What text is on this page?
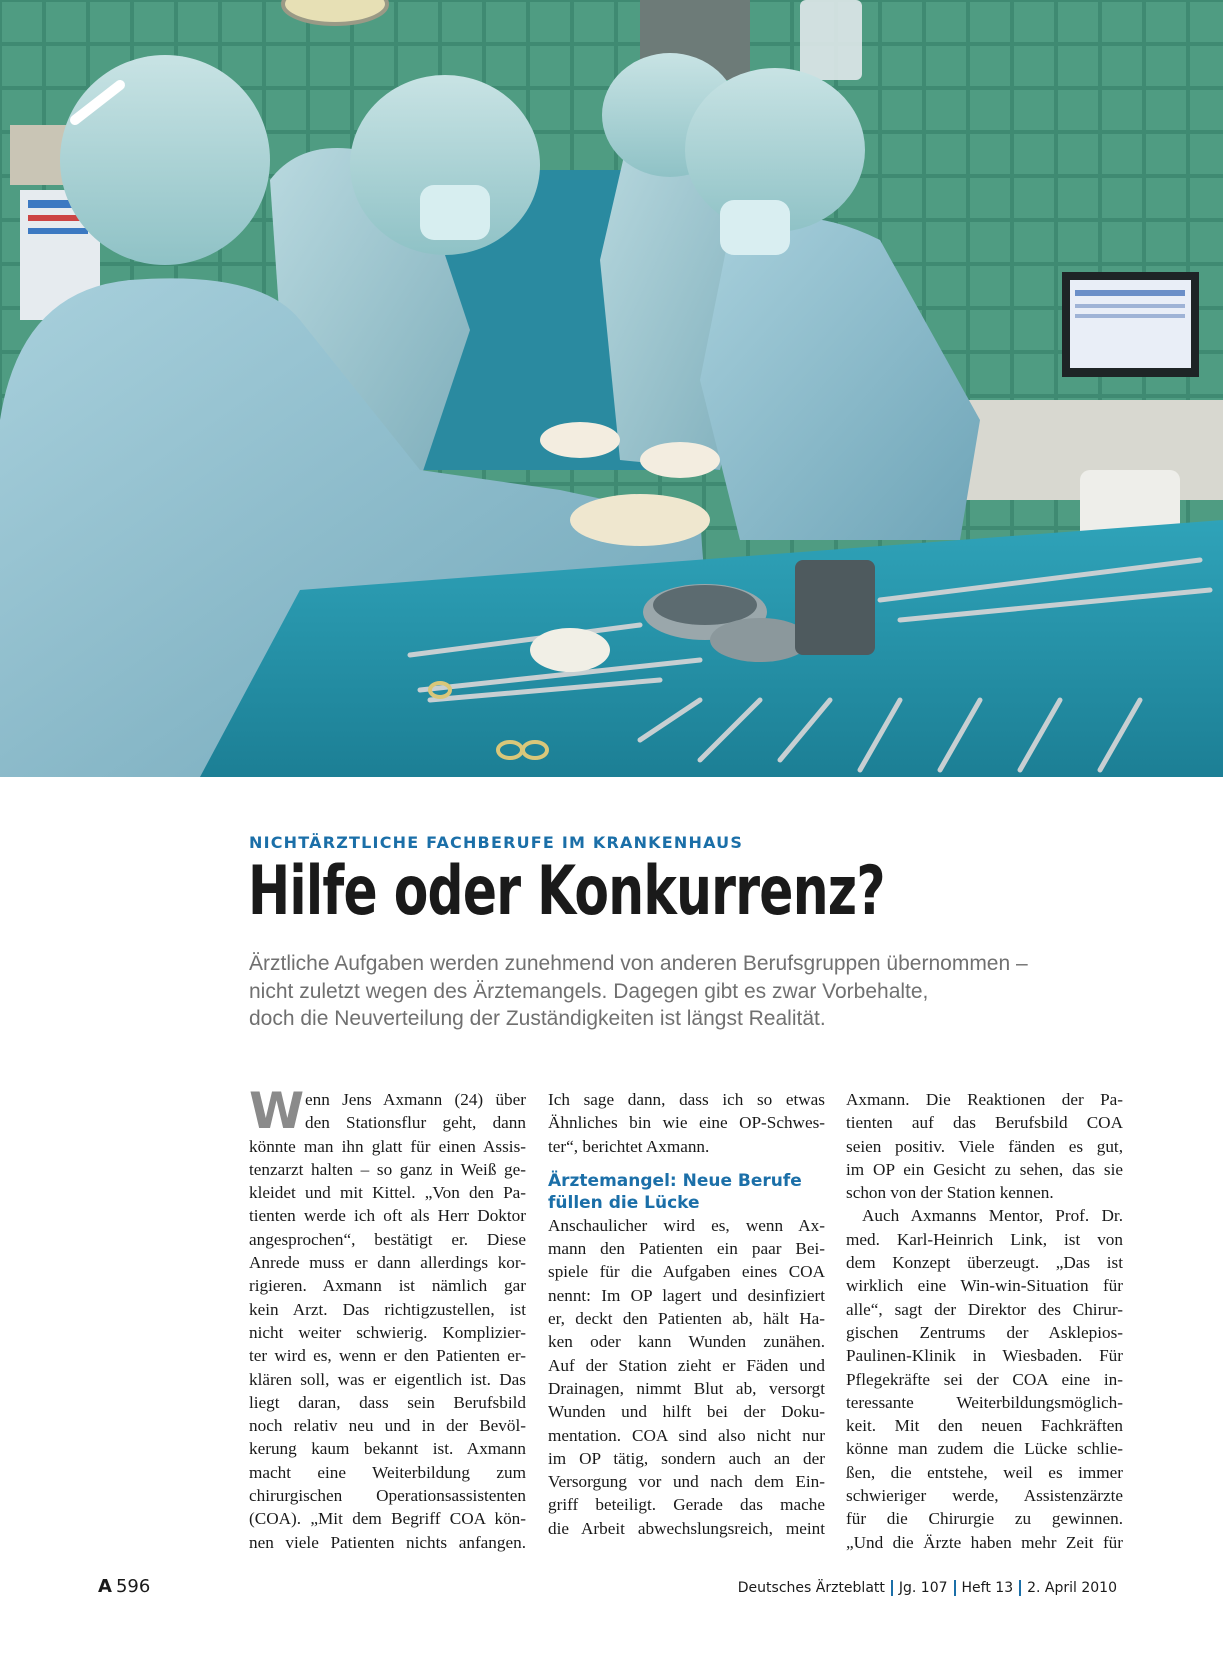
NICHTÄRZTLICHE FACHBERUFE IM KRANKENHAUS
Hilfe oder Konkurrenz?
Ärztliche Aufgaben werden zunehmend von anderen Berufsgruppen übernommen –
nicht zuletzt wegen des Ärztemangels. Dagegen gibt es zwar Vorbehalte,
doch die Neuverteilung der Zuständigkeiten ist längst Realität.
W enn Jens Axmann (24) über
den Stationsflur geht, dann
könnte man ihn glatt für einen Assis-
tenzarzt halten – so ganz in Weiß ge-
kleidet und mit Kittel. „Von den Pa-
tienten werde ich oft als Herr Doktor
angesprochen“, bestätigt er. Diese
Anrede muss er dann allerdings kor-
rigieren. Axmann ist nämlich gar
kein Arzt. Das richtigzustellen, ist
nicht weiter schwierig. Komplizier-
ter wird es, wenn er den Patienten er-
klären soll, was er eigentlich ist. Das
liegt daran, dass sein Berufsbild
noch relativ neu und in der Bevöl-
kerung kaum bekannt ist. Axmann
macht eine Weiterbildung zum
chirurgischen Operationsassistenten
(COA). „Mit dem Begriff COA kön-
nen viele Patienten nichts anfangen.
Ich sage dann, dass ich so etwas
Ähnliches bin wie eine OP-Schwes-
ter“, berichtet Axmann.
Ärztemangel: Neue Berufe
füllen die Lücke
Anschaulicher wird es, wenn Ax-
mann den Patienten ein paar Bei-
spiele für die Aufgaben eines COA
nennt: Im OP lagert und desinfiziert
er, deckt den Patienten ab, hält Ha-
ken oder kann Wunden zunähen.
Auf der Station zieht er Fäden und
Drainagen, nimmt Blut ab, versorgt
Wunden und hilft bei der Doku-
mentation. COA sind also nicht nur
im OP tätig, sondern auch an der
Versorgung vor und nach dem Ein-
griff beteiligt. Gerade das mache
die Arbeit abwechslungsreich, meint
Axmann. Die Reaktionen der Pa-
tienten auf das Berufsbild COA
seien positiv. Viele fänden es gut,
im OP ein Gesicht zu sehen, das sie
schon von der Station kennen.
Auch Axmanns Mentor, Prof. Dr.
med. Karl-Heinrich Link, ist von
dem Konzept überzeugt. „Das ist
wirklich eine Win-win-Situation für
alle“, sagt der Direktor des Chirur-
gischen Zentrums der Asklepios-
Paulinen-Klinik in Wiesbaden. Für
Pflegekräfte sei der COA eine in-
teressante Weiterbildungsmöglich-
keit. Mit den neuen Fachkräften
könne man zudem die Lücke schlie-
ßen, die entstehe, weil es immer
schwieriger werde, Assistenzärzte
für die Chirurgie zu gewinnen.
„Und die Ärzte haben mehr Zeit für
A 596	Deutsches Ärzteblatt Jg. 107 Heft 13 2. April 2010
